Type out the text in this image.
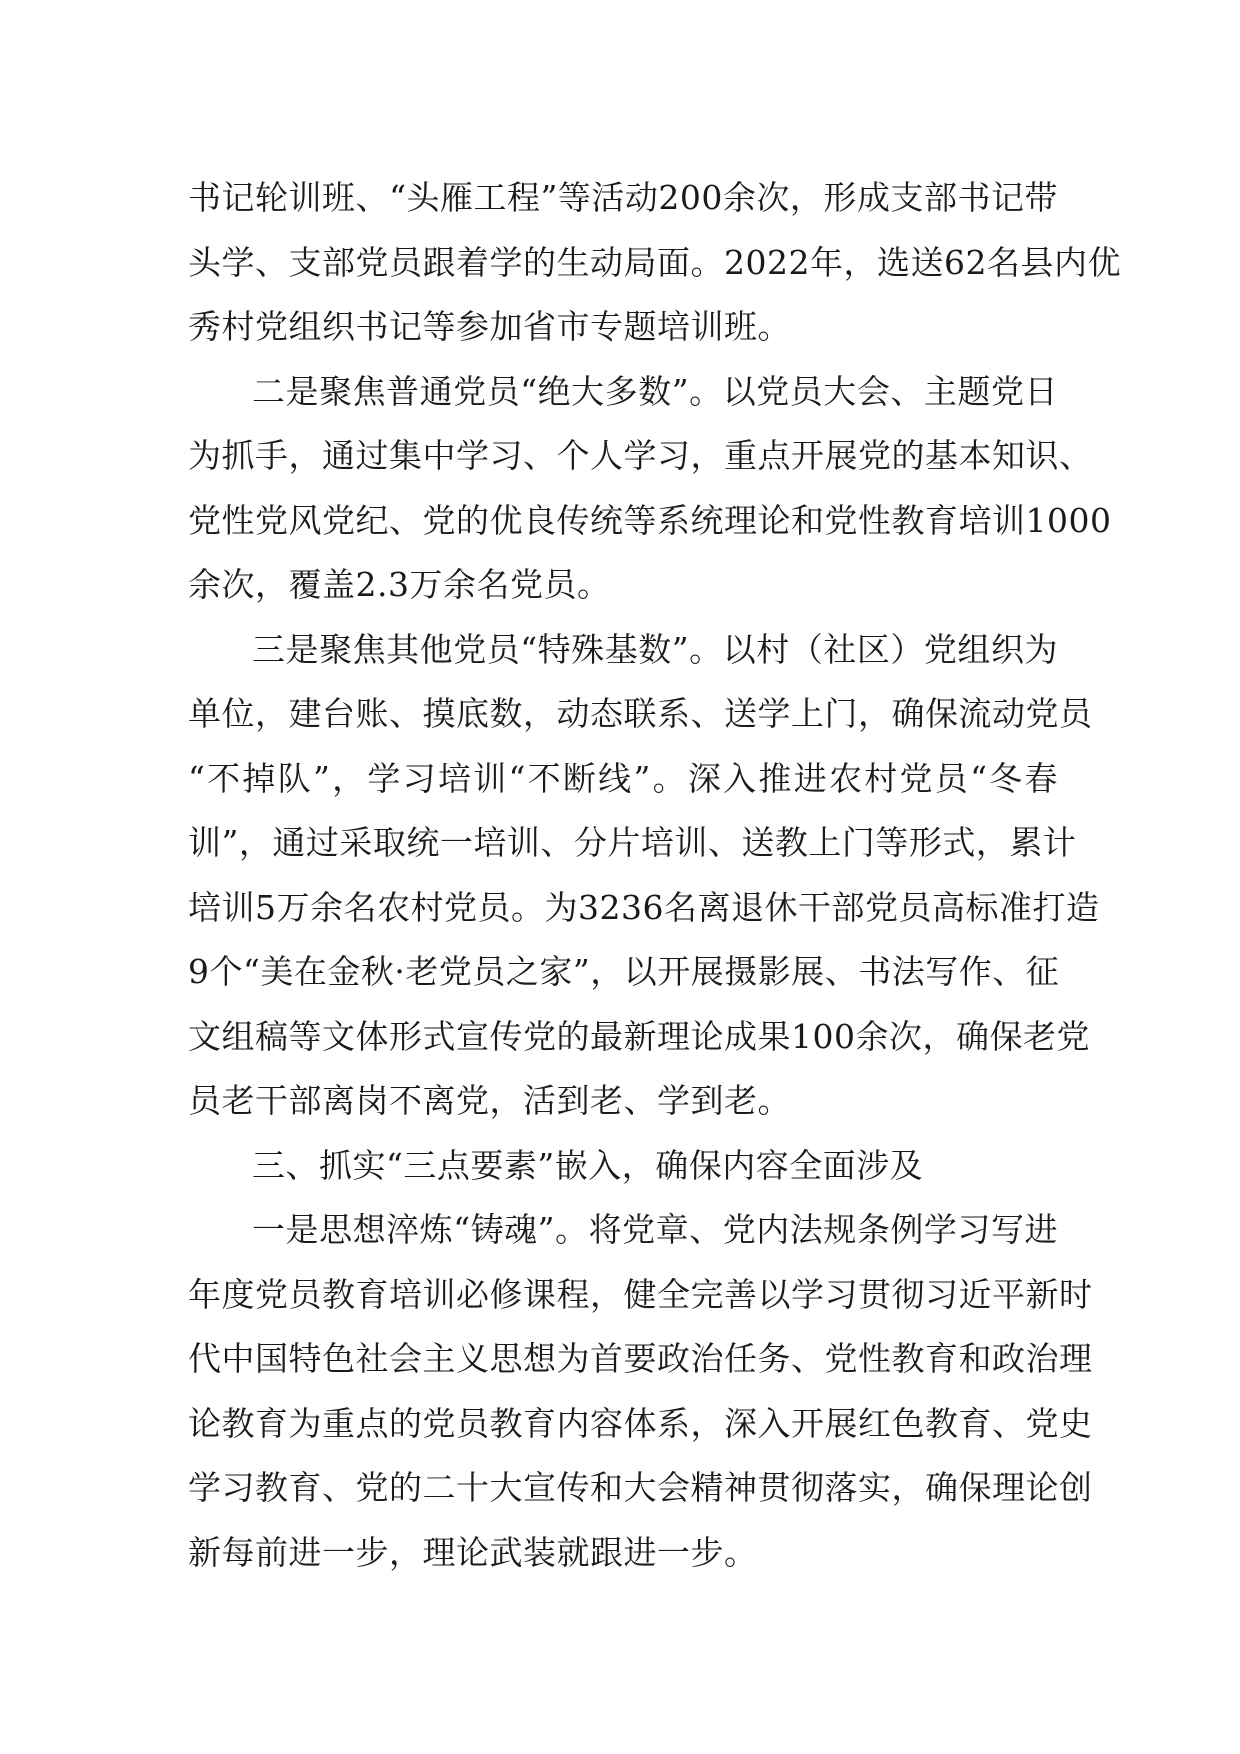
书记轮训班、“头雁工程”等活动200余次，形成支部书记带
头学、支部党员跟着学的生动局面。2022年，选送62名县内优
秀村党组织书记等参加省市专题培训班。
二是聚焦普通党员“绝大多数”。以党员大会、主题党日
为抓手，通过集中学习、个人学习，重点开展党的基本知识、
党性党风党纪、党的优良传统等系统理论和党性教育培训1000
余次，覆盖2.3万余名党员。
三是聚焦其他党员“特殊基数”。以村（社区）党组织为
单位，建台账、摸底数，动态联系、送学上门，确保流动党员
“不掉队”，学习培训“不断线”。深入推进农村党员“冬春
训”，通过采取统一培训、分片培训、送教上门等形式，累计
培训5万余名农村党员。为3236名离退休干部党员高标准打造
9个“美在金秋·老党员之家”，以开展摄影展、书法写作、征
文组稿等文体形式宣传党的最新理论成果100余次，确保老党
员老干部离岗不离党，活到老、学到老。
三、抓实“三点要素”嵌入，确保内容全面涉及
一是思想淬炼“铸魂”。将党章、党内法规条例学习写进
年度党员教育培训必修课程，健全完善以学习贯彻习近平新时
代中国特色社会主义思想为首要政治任务、党性教育和政治理
论教育为重点的党员教育内容体系，深入开展红色教育、党史
学习教育、党的二十大宣传和大会精神贯彻落实，确保理论创
新每前进一步，理论武装就跟进一步。
